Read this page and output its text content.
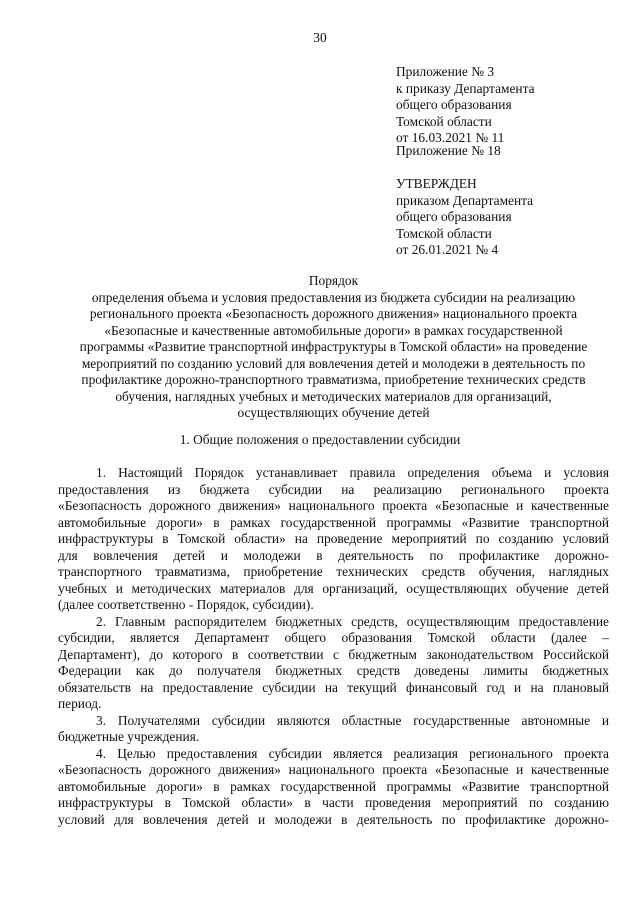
30
Приложение № 3
к приказу Департамента
общего образования
Томской области
от 16.03.2021 № 11
Приложение № 18
УТВЕРЖДЕН
приказом Департамента
общего образования
Томской области
от 26.01.2021 № 4
Порядок
определения объема и условия предоставления из бюджета субсидии на реализацию
регионального проекта «Безопасность дорожного движения» национального проекта
«Безопасные и качественные автомобильные дороги» в рамках государственной
программы «Развитие транспортной инфраструктуры в Томской области» на проведение
мероприятий по созданию условий для вовлечения детей и молодежи в деятельность по
профилактике дорожно-транспортного травматизма, приобретение технических средств
обучения, наглядных учебных и методических материалов для организаций,
осуществляющих обучение детей
1. Общие положения о предоставлении субсидии

1. Настоящий Порядок устанавливает правила определения объема и условия
предоставления из бюджета субсидии на реализацию регионального проекта
«Безопасность дорожного движения» национального проекта «Безопасные и качественные
автомобильные дороги» в рамках государственной программы «Развитие транспортной
инфраструктуры в Томской области» на проведение мероприятий по созданию условий
для вовлечения детей и молодежи в деятельность по профилактике дорожно-
транспортного травматизма, приобретение технических средств обучения, наглядных
учебных и методических материалов для организаций, осуществляющих обучение детей
(далее соответственно - Порядок, субсидии).

2. Главным распорядителем бюджетных средств, осуществляющим предоставление
субсидии, является Департамент общего образования Томской области (далее –
Департамент), до которого в соответствии с бюджетным законодательством Российской
Федерации как до получателя бюджетных средств доведены лимиты бюджетных
обязательств на предоставление субсидии на текущий финансовый год и на плановый
период.

3. Получателями субсидии являются областные государственные автономные и
бюджетные учреждения.

4. Целью предоставления субсидии является реализация регионального проекта
«Безопасность дорожного движения» национального проекта «Безопасные и качественные
автомобильные дороги» в рамках государственной программы «Развитие транспортной
инфраструктуры в Томской области» в части проведения мероприятий по созданию
условий для вовлечения детей и молодежи в деятельность по профилактике дорожно-
